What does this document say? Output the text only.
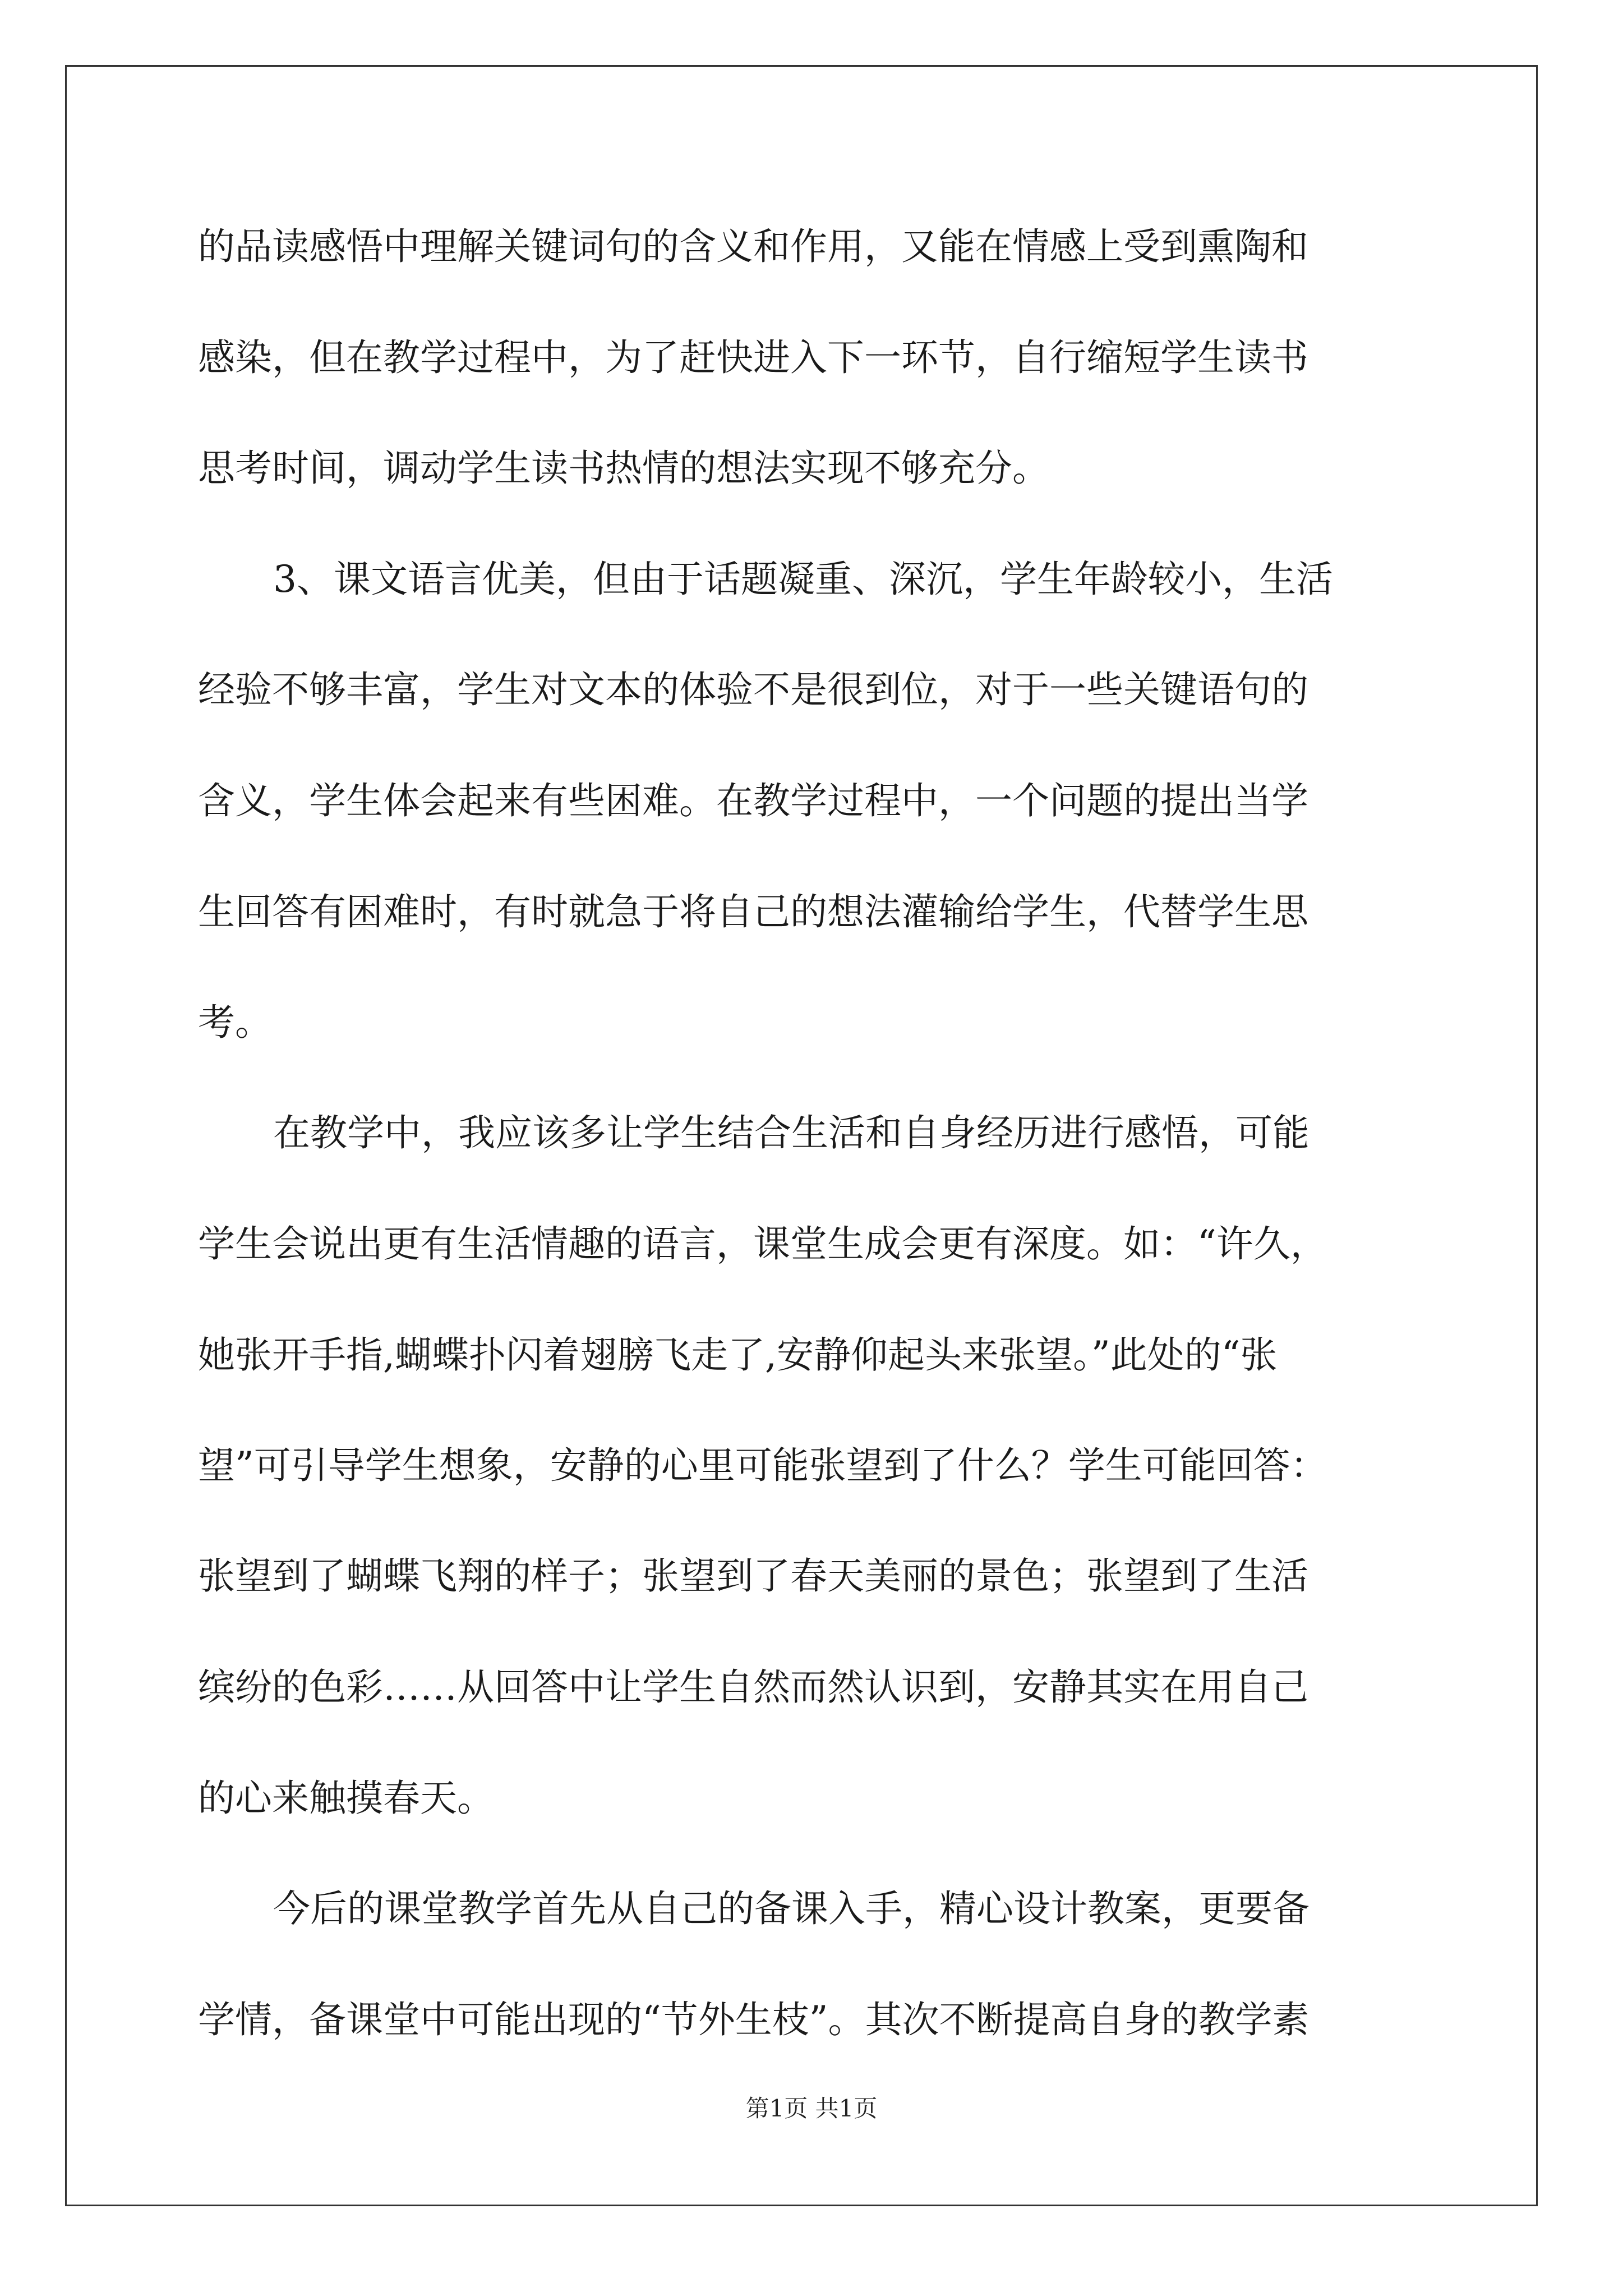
的品读感悟中理解关键词句的含义和作用，又能在情感上受到熏陶和
感染，但在教学过程中，为了赶快进入下一环节，自行缩短学生读书
思考时间，调动学生读书热情的想法实现不够充分。
3、课文语言优美，但由于话题凝重、深沉，学生年龄较小，生活
经验不够丰富，学生对文本的体验不是很到位，对于一些关键语句的
含义，学生体会起来有些困难。在教学过程中，一个问题的提出当学
生回答有困难时，有时就急于将自己的想法灌输给学生，代替学生思
考。
在教学中，我应该多让学生结合生活和自身经历进行感悟，可能
学生会说出更有生活情趣的语言，课堂生成会更有深度。如：“许久，
她张开手指,蝴蝶扑闪着翅膀飞走了,安静仰起头来张望。”此处的“张
望”可引导学生想象，安静的心里可能张望到了什么？学生可能回答：
张望到了蝴蝶飞翔的样子；张望到了春天美丽的景色；张望到了生活
缤纷的色彩……从回答中让学生自然而然认识到，安静其实在用自己
的心来触摸春天。
今后的课堂教学首先从自己的备课入手，精心设计教案，更要备
学情，备课堂中可能出现的“节外生枝”。其次不断提高自身的教学素
第1页 共1页
